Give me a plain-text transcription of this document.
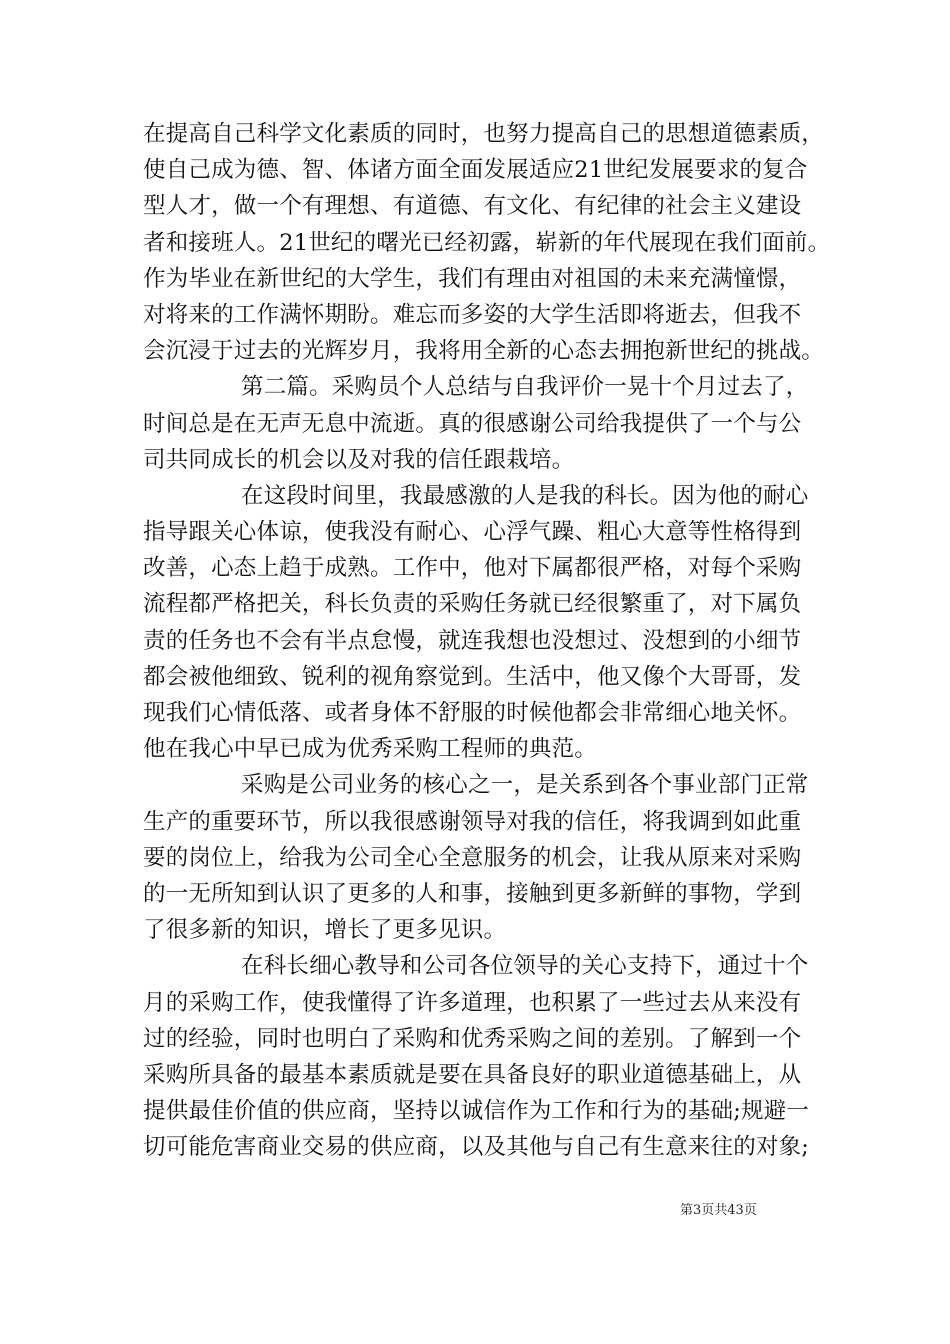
在提高自己科学文化素质的同时，也努力提高自己的思想道德素质，
使自己成为德、智、体诸方面全面发展适应21世纪发展要求的复合
型人才，做一个有理想、有道德、有文化、有纪律的社会主义建设
者和接班人。21世纪的曙光已经初露，崭新的年代展现在我们面前。
作为毕业在新世纪的大学生，我们有理由对祖国的未来充满憧憬，
对将来的工作满怀期盼。难忘而多姿的大学生活即将逝去，但我不
会沉浸于过去的光辉岁月，我将用全新的心态去拥抱新世纪的挑战。
第二篇。采购员个人总结与自我评价一晃十个月过去了，
时间总是在无声无息中流逝。真的很感谢公司给我提供了一个与公
司共同成长的机会以及对我的信任跟栽培。
在这段时间里，我最感激的人是我的科长。因为他的耐心
指导跟关心体谅，使我没有耐心、心浮气躁、粗心大意等性格得到
改善，心态上趋于成熟。工作中，他对下属都很严格，对每个采购
流程都严格把关，科长负责的采购任务就已经很繁重了，对下属负
责的任务也不会有半点怠慢，就连我想也没想过、没想到的小细节
都会被他细致、锐利的视角察觉到。生活中，他又像个大哥哥，发
现我们心情低落、或者身体不舒服的时候他都会非常细心地关怀。
他在我心中早已成为优秀采购工程师的典范。
采购是公司业务的核心之一，是关系到各个事业部门正常
生产的重要环节，所以我很感谢领导对我的信任，将我调到如此重
要的岗位上，给我为公司全心全意服务的机会，让我从原来对采购
的一无所知到认识了更多的人和事，接触到更多新鲜的事物，学到
了很多新的知识，增长了更多见识。
在科长细心教导和公司各位领导的关心支持下，通过十个
月的采购工作，使我懂得了许多道理，也积累了一些过去从来没有
过的经验，同时也明白了采购和优秀采购之间的差别。了解到一个
采购所具备的最基本素质就是要在具备良好的职业道德基础上，从
提供最佳价值的供应商，坚持以诚信作为工作和行为的基础;规避一
切可能危害商业交易的供应商，以及其他与自己有生意来往的对象;
第3页共43页
